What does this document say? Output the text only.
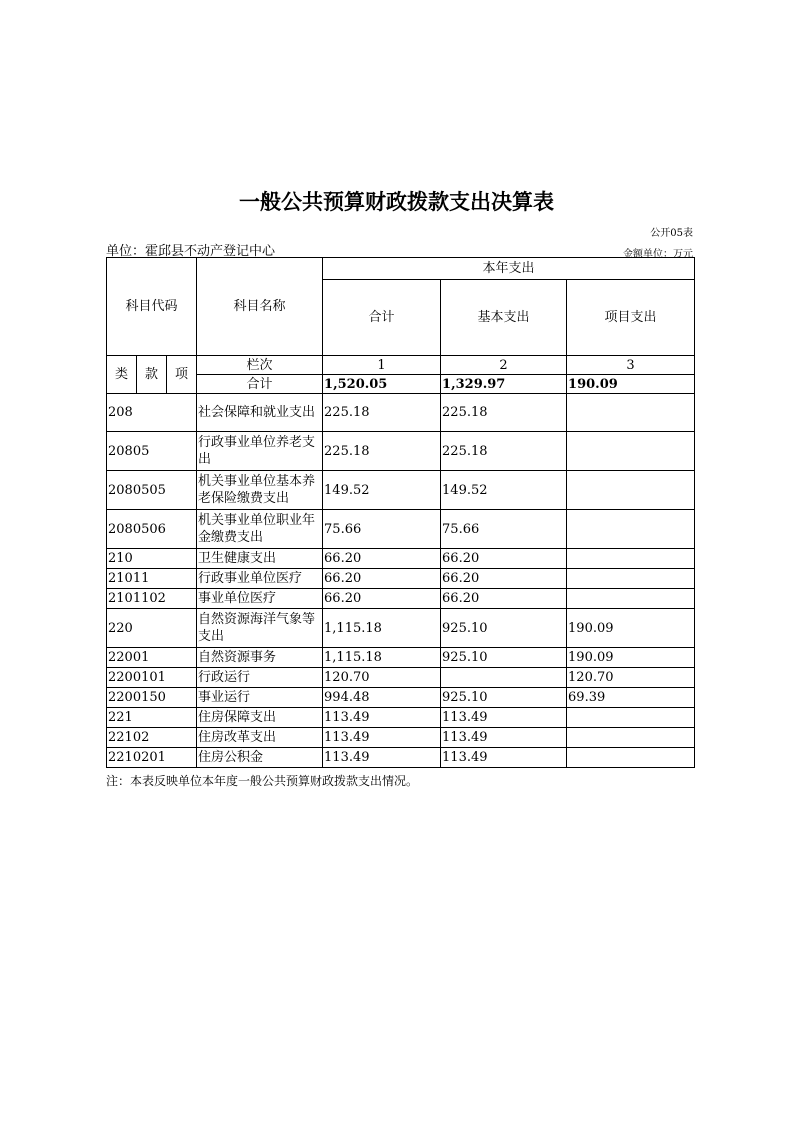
一般公共预算财政拨款支出决算表
公开05表
单位：霍邱县不动产登记中心	金额单位：万元
科目代码			科目名称	本年支出		
				合计	基本支出	项目支出
类	款	项	栏次	1	2	3
			合计	1,520.05	1,329.97	190.09
208			社会保障和就业支出	225.18	225.18	
20805			行政事业单位养老支出	225.18	225.18	
2080505			机关事业单位基本养老保险缴费支出	149.52	149.52	
2080506			机关事业单位职业年金缴费支出	75.66	75.66	
210			卫生健康支出	66.20	66.20	
21011			行政事业单位医疗	66.20	66.20	
2101102			事业单位医疗	66.20	66.20	
220			自然资源海洋气象等支出	1,115.18	925.10	190.09
22001			自然资源事务	1,115.18	925.10	190.09
2200101			行政运行	120.70		120.70
2200150			事业运行	994.48	925.10	69.39
221			住房保障支出	113.49	113.49	
22102			住房改革支出	113.49	113.49	
2210201			住房公积金	113.49	113.49	
注：本表反映单位本年度一般公共预算财政拨款支出情况。
